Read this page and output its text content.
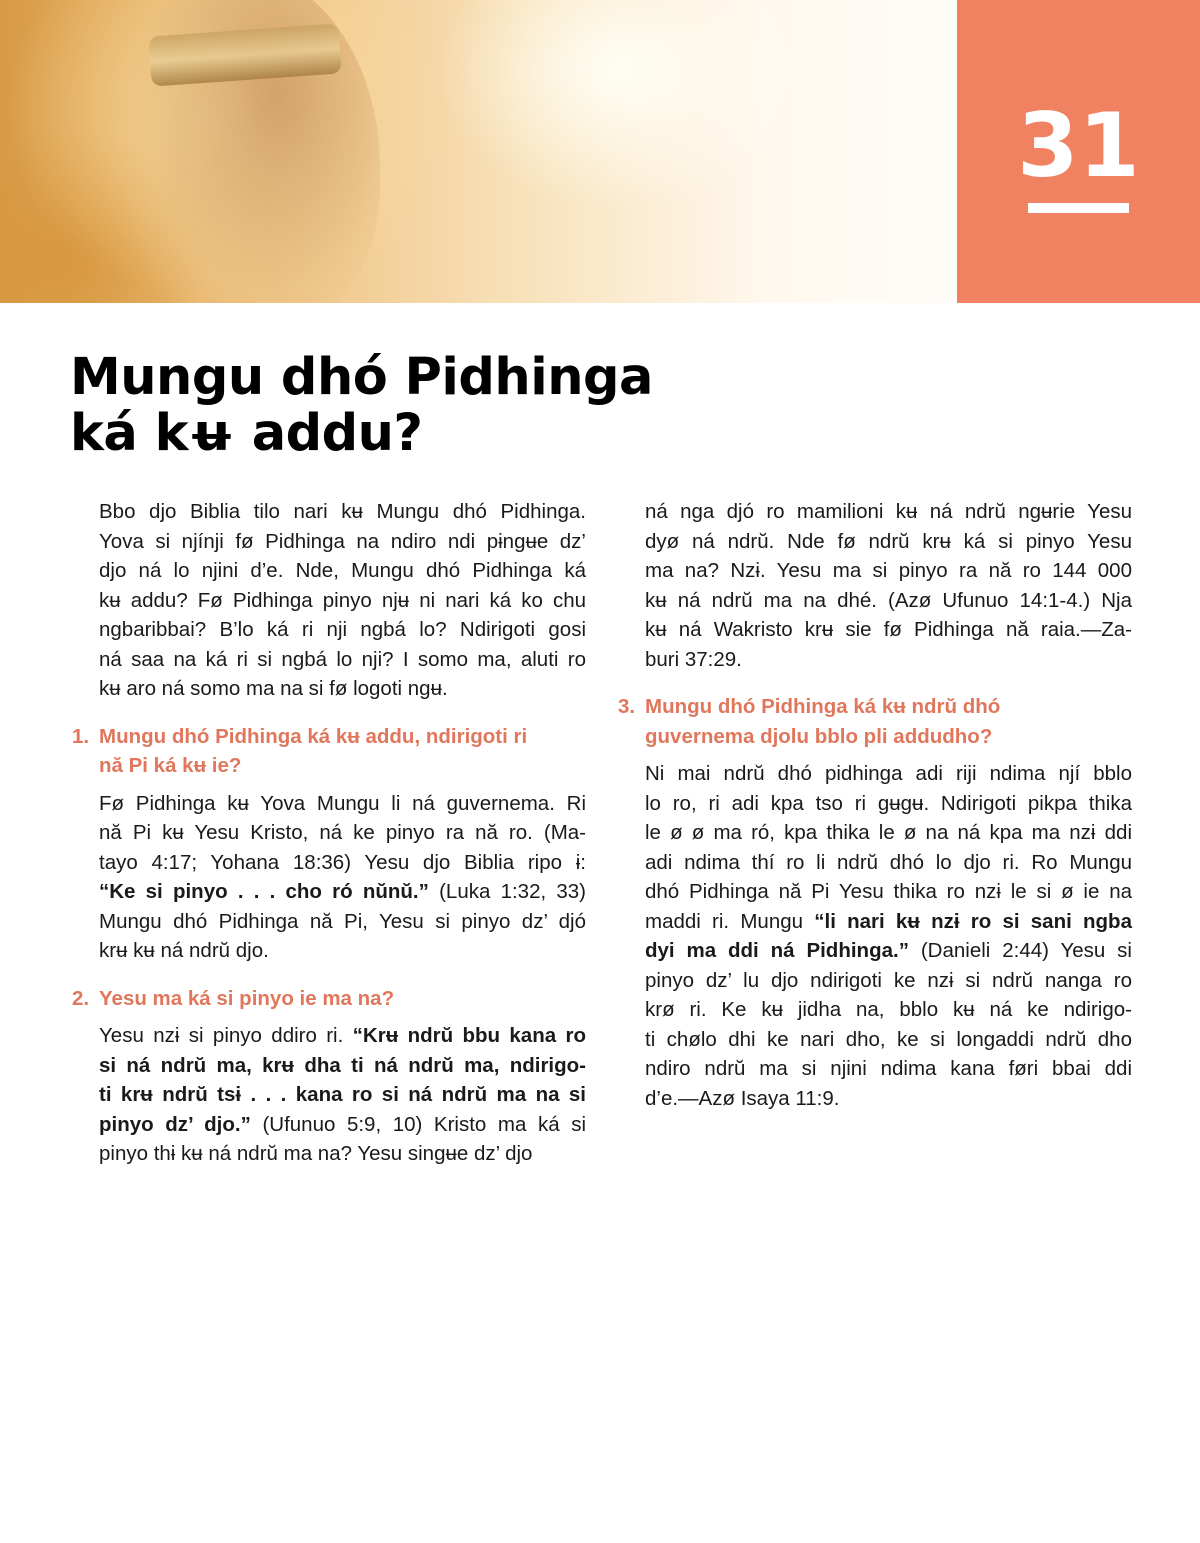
31
Mungu dhó Pidhinga
ká kʉ addu?
Bbo djo Biblia tilo nari kʉ Mungu dhó Pidhinga.
Yova si njínji fø Pidhinga na ndiro ndi pɨngʉe dz’
djo ná lo njini d’e. Nde, Mungu dhó Pidhinga ká
kʉ addu? Fø Pidhinga pinyo njʉ ni nari ká ko chu
ngbaribbai? B’lo ká ri nji ngbá lo? Ndirigoti gosi
ná saa na ká ri si ngbá lo nji? I somo ma, aluti ro
kʉ aro ná somo ma na si fø logoti ngʉ.
1. Mungu dhó Pidhinga ká kʉ addu, ndirigoti ri
nă Pi ká kʉ ie?
Fø Pidhinga kʉ Yova Mungu li ná guvernema. Ri
nă Pi kʉ Yesu Kristo, ná ke pinyo ra nă ro. (Ma-
tayo 4:17; Yohana 18:36) Yesu djo Biblia ripo ɨ:
“Ke si pinyo . . . cho ró nŭnŭ.” (Luka 1:32, 33)
Mungu dhó Pidhinga nă Pi, Yesu si pinyo dz’ djó
krʉ kʉ ná ndrŭ djo.
2. Yesu ma ká si pinyo ie ma na?
Yesu nzɨ si pinyo ddiro ri. “Krʉ ndrŭ bbu kana ro
si ná ndrŭ ma, krʉ dha ti ná ndrŭ ma, ndirigo-
ti krʉ ndrŭ tsɨ . . . kana ro si ná ndrŭ ma na si
pinyo dz’ djo.” (Ufunuo 5:9, 10) Kristo ma ká si
pinyo thɨ kʉ ná ndrŭ ma na? Yesu singʉe dz’ djo
ná nga djó ro mamilioni kʉ ná ndrŭ ngʉrie Yesu
dyø ná ndrŭ. Nde fø ndrŭ krʉ ká si pinyo Yesu
ma na? Nzɨ. Yesu ma si pinyo ra nă ro 144 000
kʉ ná ndrŭ ma na dhé. (Azø Ufunuo 14:1-4.) Nja
kʉ ná Wakristo krʉ sie fø Pidhinga nă raia.—Za-
buri 37:29.
3. Mungu dhó Pidhinga ká kʉ ndrŭ dhó
guvernema djolu bblo pli addudho?
Ni mai ndrŭ dhó pidhinga adi riji ndima njí bblo
lo ro, ri adi kpa tso ri gʉgʉ. Ndirigoti pikpa thika
le ø ø ma ró, kpa thika le ø na ná kpa ma nzɨ ddi
adi ndima thí ro li ndrŭ dhó lo djo ri. Ro Mungu
dhó Pidhinga nă Pi Yesu thika ro nzɨ le si ø ie na
maddi ri. Mungu “li nari kʉ nzɨ ro si sani ngba
dyi ma ddi ná Pidhinga.” (Danieli 2:44) Yesu si
pinyo dz’ lu djo ndirigoti ke nzɨ si ndrŭ nanga ro
krø ri. Ke kʉ jidha na, bblo kʉ ná ke ndirigo-
ti chølo dhi ke nari dho, ke si longaddi ndrŭ dho
ndiro ndrŭ ma si njini ndima kana føri bbai ddi
d’e.—Azø Isaya 11:9.
